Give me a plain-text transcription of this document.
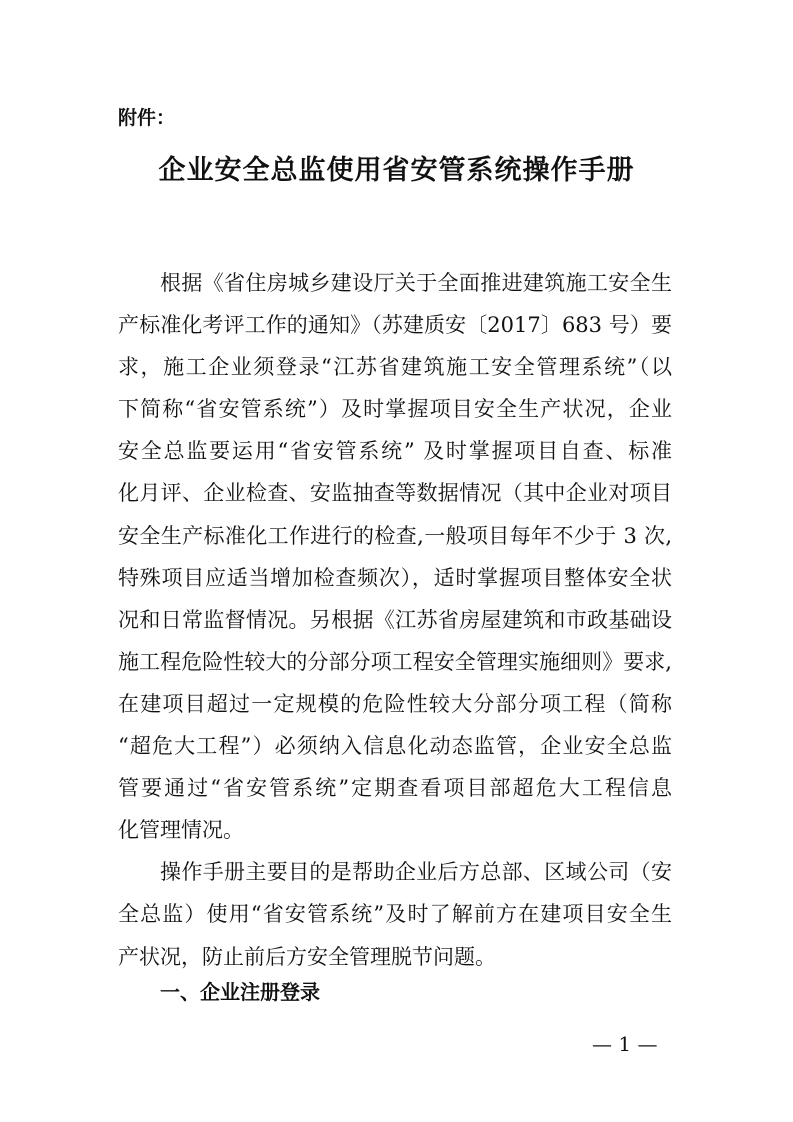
附件：
企业安全总监使用省安管系统操作手册
根据《省住房城乡建设厅关于全面推进建筑施工安全生
产标准化考评工作的通知》（苏建质安〔2017〕683 号）要
求，施工企业须登录“江苏省建筑施工安全管理系统”（以
下简称“省安管系统”）及时掌握项目安全生产状况，企业
安全总监要运用“省安管系统” 及时掌握项目自查、标准
化月评、企业检查、安监抽查等数据情况（其中企业对项目
安全生产标准化工作进行的检查,一般项目每年不少于 3 次,
特殊项目应适当增加检查频次），适时掌握项目整体安全状
况和日常监督情况。另根据《江苏省房屋建筑和市政基础设
施工程危险性较大的分部分项工程安全管理实施细则》要求,
在建项目超过一定规模的危险性较大分部分项工程（简称
“超危大工程”）必须纳入信息化动态监管，企业安全总监
管要通过“省安管系统”定期查看项目部超危大工程信息
化管理情况。
操作手册主要目的是帮助企业后方总部、区域公司（安
全总监）使用“省安管系统”及时了解前方在建项目安全生
产状况，防止前后方安全管理脱节问题。
一、企业注册登录
— 1 —
